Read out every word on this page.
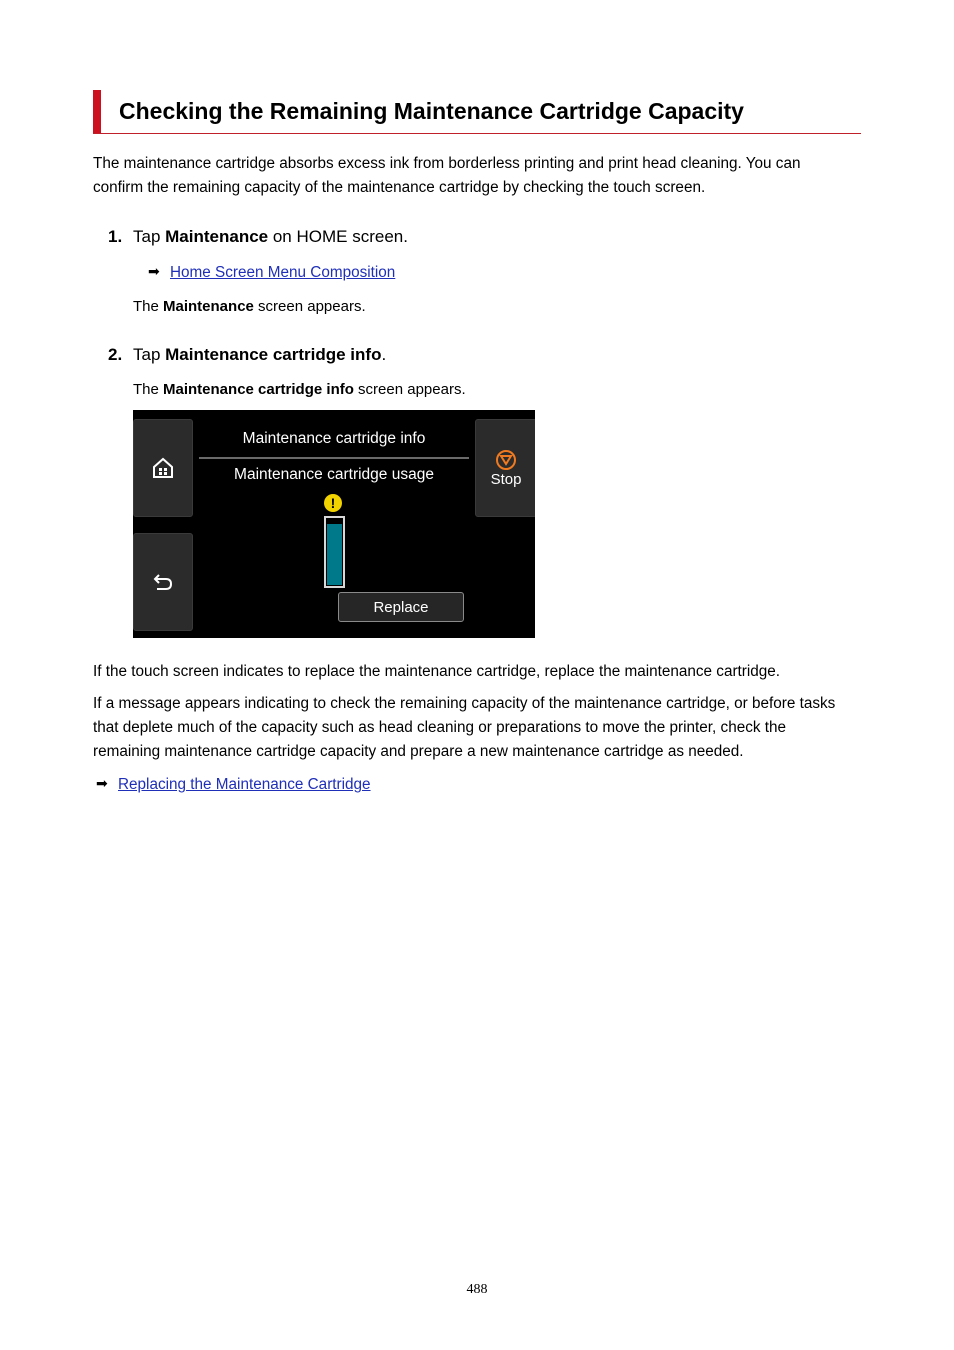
Checking the Remaining Maintenance Cartridge Capacity

The maintenance cartridge absorbs excess ink from borderless printing and print head cleaning. You can confirm the remaining capacity of the maintenance cartridge by checking the touch screen.

1. Tap Maintenance on HOME screen.

➡ Home Screen Menu Composition

The Maintenance screen appears.

2. Tap Maintenance cartridge info.

The Maintenance cartridge info screen appears.

Stop
Maintenance cartridge info
Maintenance cartridge usage
!
Replace

If the touch screen indicates to replace the maintenance cartridge, replace the maintenance cartridge.

If a message appears indicating to check the remaining capacity of the maintenance cartridge, or before tasks that deplete much of the capacity such as head cleaning or preparations to move the printer, check the remaining maintenance cartridge capacity and prepare a new maintenance cartridge as needed.

➡ Replacing the Maintenance Cartridge
488
